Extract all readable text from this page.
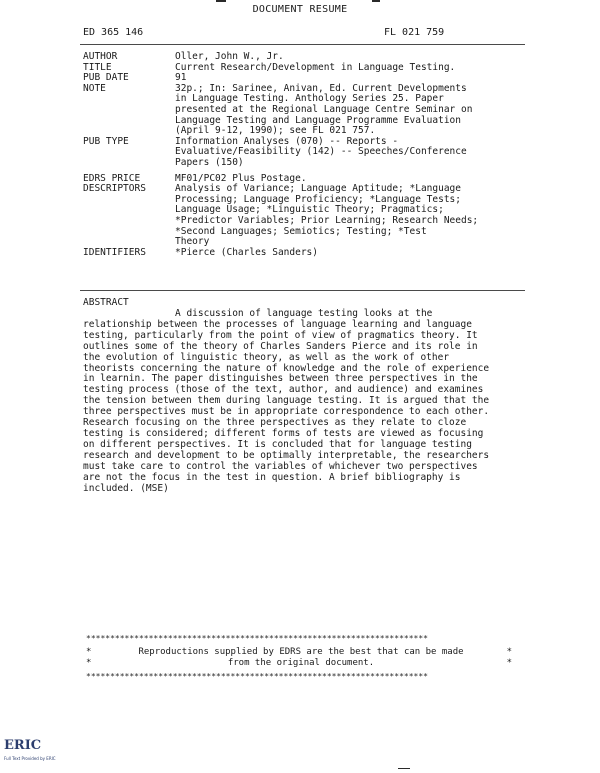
DOCUMENT RESUME
ED 365 146	FL 021 759
AUTHOR	Oller, John W., Jr.
TITLE	Current Research/Development in Language Testing.
PUB DATE	91
NOTE	32p.; In: Sarinee, Anivan, Ed. Current Developments
in Language Testing. Anthology Series 25. Paper
presented at the Regional Language Centre Seminar on
Language Testing and Language Programme Evaluation
(April 9-12, 1990); see FL 021 757.
PUB TYPE	Information Analyses (070) -- Reports -
Evaluative/Feasibility (142) -- Speeches/Conference
Papers (150)
EDRS PRICE	MF01/PC02 Plus Postage.
DESCRIPTORS	Analysis of Variance; Language Aptitude; *Language
Processing; Language Proficiency; *Language Tests;
Language Usage; *Linguistic Theory; Pragmatics;
*Predictor Variables; Prior Learning; Research Needs;
*Second Languages; Semiotics; Testing; *Test
Theory
IDENTIFIERS	*Pierce (Charles Sanders)
ABSTRACT
A discussion of language testing looks at the relationship between the processes of language learning and language testing, particularly from the point of view of pragmatics theory. It outlines some of the theory of Charles Sanders Pierce and its role in the evolution of linguistic theory, as well as the work of other theorists concerning the nature of knowledge and the role of experience in learnin. The paper distinguishes between three perspectives in the testing process (those of the text, author, and audience) and examines the tension between them during language testing. It is argued that the three perspectives must be in appropriate correspondence to each other. Research focusing on the three perspectives as they relate to cloze testing is considered; different forms of tests are viewed as focusing on different perspectives. It is concluded that for language testing research and development to be optimally interpretable, the researchers must take care to control the variables of whichever two perspectives are not the focus in the test in question. A brief bibliography is included. (MSE)
***********************************************************************
*	*
Reproductions supplied by EDRS are the best that can be made
*	*
from the original document.
***********************************************************************
ERIC
Full Text Provided by ERIC
